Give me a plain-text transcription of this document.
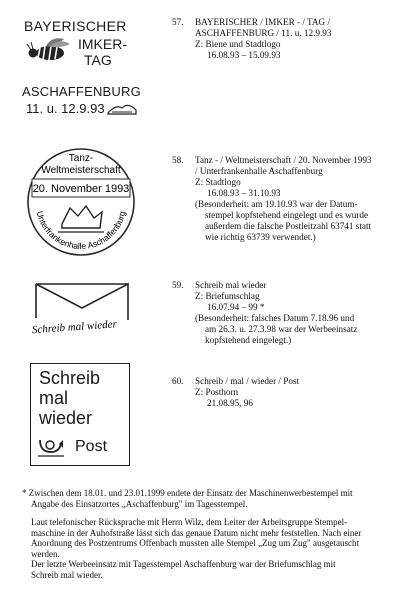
BAYERISCHER
IMKER-
TAG
ASCHAFFENBURG
11. u. 12.9.93
57. BAYERISCHER / IMKER - / TAG /
ASCHAFFENBURG / 11. u. 12.9.93
Z: Biene und Stadtlogo
16.08.93 – 15.09.93
Tanz-
Weltmeisterschaft
20. November 1993
Unterfrankenhalle Aschaffenburg
58. Tanz - / Weltmeisterschaft / 20. November 1993
/ Unterfrankenhalle Aschaffenburg
Z: Stadtlogo
16.08.93 – 31.10.93
(Besonderheit: am 19.10.93 war der Datum-
stempel kopfstehend eingelegt und es wurde
außerdem die falsche Postleitzahl 63741 statt
wie richtig 63739 verwendet.)
Schreib mal wieder
59. Schreib mal wieder
Z: Briefumschlag
16.07.94 – 99 *
(Besonderheit: falsches Datum 7.18.96 und
am 26.3. u. 27.3.98 war der Werbeeinsatz
kopfstehend eingelegt.)
Schreib
mal
wieder
Post
60. Schreib / mal / wieder / Post
Z: Posthorn
21.08.95, 96

* Zwischen dem 18.01. und 23.01.1999 endete der Einsatz der Maschinenwerbestempel mit

Angabe des Einsatzortes „Aschaffenburg" im Tagesstempel.

Laut telefonischer Rücksprache mit Herrn Wilz, dem Leiter der Arbeitsgruppe Stempel-

maschine in der Auhofstraße lässt sich das genaue Datum nicht mehr feststellen. Nach einer

Anordnung des Postzentrums Offenbach mussten alle Stempel „Zug um Zug" ausgetauscht

werden.

Der letzte Werbeeinsatz mit Tagesstempel Aschaffenburg war der Briefumschlag mit

Schreib mal wieder.
